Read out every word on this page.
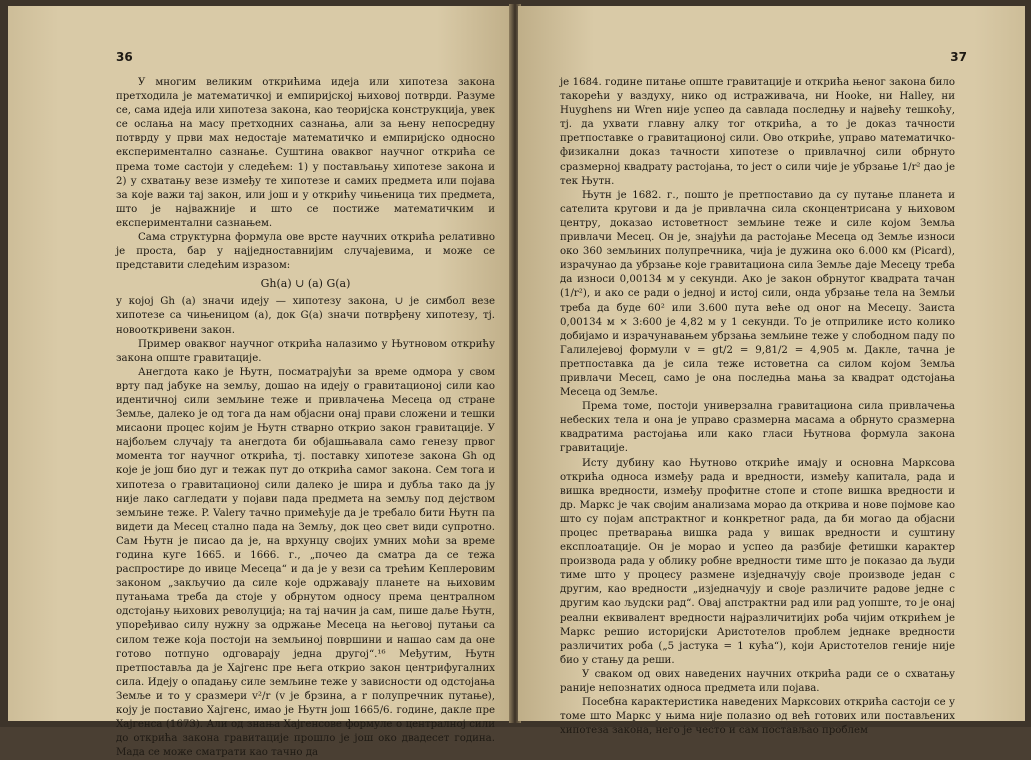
36

У многим великим открићима идеја или хипотеза закона претходила је математичкој и емпиријској њиховој потврди. Разуме се, сама идеја или хипотеза закона, као теоријска конструкција, увек се ослања на масу претходних сазнања, али за њену непосредну потврду у први мах недостаје математичко и емпиријско односно експериментално сазнање. Суштина оваквог научног открића се према томе састоји у следећем: 1) у постављању хипотезе закона и 2) у схватању везе између те хипотезе и самих предмета или појава за које важи тај закон, или још и у открићу чињеница тих предмета, што је најважније и што се постиже математичким и експериментални сазнањем.

Сама структурна формула ове врсте научних открића релативно је проста, бар у најједноставнијим случајевима, и може се представити следећим изразом:

Gh(a) ∪ (a) G(a)

у којој Gh (a) значи идеју — хипотезу закона, ∪ је симбол везе хипотезе са чињеницом (a), док G(a) значи потврђену хипотезу, тј. новооткривени закон.

Пример оваквог научног открића налазимо у Њутновом открићу закона опште гравитације.

Анегдота како је Њутн, посматрајући за време одмора у свом врту пад јабуке на земљу, дошао на идеју о гравитационој сили као идентичној сили земљине теже и привлачења Месеца од стране Земље, далеко је од тога да нам објасни онај прави сложени и тешки мисаони процес којим је Њутн стварно открио закон гравитације. У најбољем случају та анегдота би објашњавала само генезу првог момента тог научног открића, тј. поставку хипотезе закона Gh од које је још био дуг и тежак пут до открића самог закона. Сем тога и хипотеза о гравитационој сили далеко је шира и дубља тако да ју није лако сагледати у појави пада предмета на земљу под дејством земљине теже. P. Valery тачно примећује да је требало бити Њутн па видети да Месец стално пада на Земљу, док цео свет види супротно. Сам Њутн је писао да је, на врхунцу својих умних моћи за време година куге 1665. и 1666. г., „почео да сматра да се тежа распростире до ивице Месеца“ и да је у вези са трећим Кеплеровим законом „закључио да силе које одржавају планете на њиховим путањама треба да стоје у обрнутом односу према централном одстојању њихових револуција; на тај начин ја сам, пише даље Њутн, упоређивао силу нужну за одржање Месеца на његовој путањи са силом теже која постоји на земљиној површини и нашао сам да оне готово потпуно одговарају једна другој“.¹⁶ Међутим, Њутн претпоставља да је Хајгенс пре њега открио закон центрифугалних сила. Идеју о опадању силе земљине теже у зависности од одстојања Земље и то у сразмери v²/r (v је брзина, а r полупречник путање), коју је поставио Хајгенс, имао је Њутн још 1665/6. године, дакле пре Хајгенса (1673). Али од знања Хајгенсове формуле о централној сили до открића закона гравитације прошло је још око двадесет година. Мада се може сматрати као тачно да

37

је 1684. године питање опште гравитације и открића њеног закона било такорећи у ваздуху, нико од истраживача, ни Hooke, ни Halley, ни Huyghens ни Wren није успео да савлада последњу и највећу тешкоћу, тј. да ухвати главну алку тог открића, а то је доказ тачности претпоставке о гравитационој сили. Ово откриће, управо математичко-физикални доказ тачности хипотезе о привлачној сили обрнуто сразмерној квадрату растојања, то јест о сили чије је убрзање 1/r² дао је тек Њутн.

Њутн је 1682. г., пошто је претпоставио да су путање планета и сателита кругови и да је привлачна сила сконцентрисана у њиховом центру, доказао истоветност земљине теже и силе којом Земља привлачи Месец. Он је, знајући да растојање Месеца од Земље износи око 360 земљиних полупречника, чија је дужина око 6.000 км (Picard), израчунао да убрзање које гравитациона сила Земље даје Месецу треба да износи 0,00134 м у секунди. Ако је закон обрнутог квадрата тачан (1/r²), и ако се ради о једној и истој сили, онда убрзање тела на Земљи треба да буде 60² или 3.600 пута веће од оног на Месецу. Заиста 0,00134 м × 3:600 је 4,82 м у 1 секунди. То је отприлике исто колико добијамо и израчунавањем убрзања земљине теже у слободном паду по Галилејевој формули v = gt/2 = 9,81/2 = 4,905 м. Дакле, тачна је претпоставка да је сила теже истоветна са силом којом Земља привлачи Месец, само је она последња мања за квадрат одстојања Месеца од Земље.

Према томе, постоји универзална гравитациона сила привлачења небеских тела и она је управо сразмерна масама а обрнуто сразмерна квадратима растојања или како гласи Њутнова формула закона гравитације.

Исту дубину као Њутново откриће имају и основна Марксова открића односа између рада и вредности, између капитала, рада и вишка вредности, између профитне стопе и стопе вишка вредности и др. Маркс је чак својим анализама морао да открива и нове појмове као што су појам апстрактног и конкретног рада, да би могао да објасни процес претварања вишка рада у вишак вредности и суштину експлоатације. Он је морао и успео да разбије фетишки карактер производа рада у облику робне вредности тиме што је показао да људи тиме што у процесу размене изједначују своје производе један с другим, као вредности „изједначују и своје различите радове једне с другим као људски рад“. Овај апстрактни рад или рад уопште, то је онај реални еквивалент вредности најразличитијих роба чијим открићем је Маркс решио историјски Аристотелов проблем једнаке вредности различитих роба („5 јастука = 1 кућа“), који Аристотелов геније није био у стању да реши.

У сваком од ових наведених научних открића ради се о схватању раније непознатих односа предмета или појава.

Посебна карактеристика наведених Марксових открића састоји се у томе што Маркс у њима није полазио од већ готових или постављених хипотеза закона, него је често и сам постављао проблем
